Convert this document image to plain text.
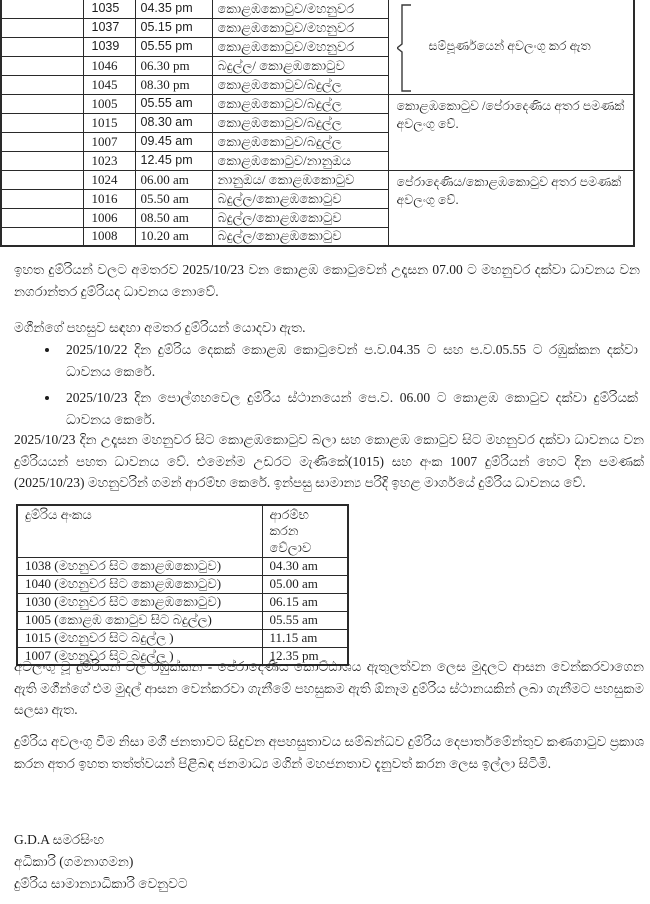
	1035	04.35 pm	කොළඹකොටුව/මහනුවර	සම්පූර්ණයෙන් අවලංගු කර ඇත
	1037	05.15 pm	කොළඹකොටුව/මහනුවර	
	1039	05.55 pm	කොළඹකොටුව/මහනුවර	
	1046	06.30 pm	බදුල්ල/ කොළඹකොටුව	
	1045	08.30 pm	කොළඹකොටුව/බදුල්ල	
	1005	05.55 am	කොළඹකොටුව/බදුල්ල	කොළඹකොටුව /පේරාදෙණිය අතර පමණක් අවලංගු වේ.
	1015	08.30 am	කොළඹකොටුව/බදුල්ල	
	1007	09.45 am	කොළඹකොටුව/බදුල්ල	
	1023	12.45 pm	කොළඹකොටුව/නානුඔය	
	1024	06.00 am	නානුඔය/ කොළඹකොටුව	පේරාදෙණිය/කොළඹකොටුව අතර පමණක් අවලංගු වේ.
	1016	05.50 am	බදුල්ල/කොළඹකොටුව	
	1006	08.50 am	බදුල්ල/කොළඹකොටුව	
	1008	10.20 am	බදුල්ල/කොළඹකොටුව	
ඉහත දුම්රියන් වලට අමතරව 2025/10/23 වන කොළඹ කොටුවෙන් උදෑසන 07.00 ට මහනුවර දක්වා ධාවනය වන නගරාන්තර දුම්රියද ධාවනය නොවේ.
මගීන්ගේ පහසුව සඳහා අමතර දුම්රියන් යොදවා ඇත.
• 2025/10/22 දින දුම්රිය දෙකක් කොළඹ කොටුවෙන් ප.ව.04.35 ට සහ ප.ව.05.55 ට රඹුක්කන දක්වා ධාවනය කෙරේ.
• 2025/10/23 දින පොල්ගහවෙල දුම්රිය ස්ථානයෙන් පෙ.ව. 06.00 ට කොළඹ කොටුව දක්වා දුම්රියක් ධාවනය කෙරේ.
2025/10/23 දින උදෑසන මහනුවර සිට කොළඹකොටුව බලා සහ කොළඹ කොටුව සිට මහනුවර දක්වා ධාවනය වන දුම්රියයන් පහත ධාවනය වේ. එමෙන්ම උඩරට මැණිකේ(1015) සහ අංක 1007 දුම්රියන් හෙට දින පමණක් (2025/10/23) මහනුවරින් ගමන් ආරම්භ කෙරේ. ඉන්පසු සාමාන්‍ය පරිදි ඉහළ මාර්ගයේ දුම්රිය ධාවනය වේ.
දුම්රිය අංකය	ආරම්භ කරන වේලාව
1038 (මහනුවර සිට කොළඹකොටුව)	04.30 am
1040 (මහනුවර සිට කොළඹකොටුව)	05.00 am
1030 (මහනුවර සිට කොළඹකොටුව)	06.15 am
1005 (කොළඹ කොටුව සිට බදුල්ල)	05.55 am
1015 (මහනුවර සිට බදුල්ල )	11.15 am
1007 (මහනුවර සිට බදුල්ල )	12.35 pm
අවලංගු වූ දුම්රියන් වල රඹුක්කන - පේරාදෙණිය කොට්ඨාශය ඇතුලත්වන ලෙස මුදලට ආසන වෙන්කරවාගෙන ඇති මගීන්ගේ එම මුදල් ආසන වෙන්කරවා ගැනීමේ පහසුකම ඇති ඕනෑම දුම්රිය ස්ථානයකින් ලබා ගැනීමට පහසුකම සලසා ඇත.
දුම්රිය අවලංගු වීම නිසා මගී ජනතාවට සිදුවන අපහසුතාවය සම්බන්ධව දුම්රිය දෙපාර්තමේන්තුව කණගාටුව ප්‍රකාශ කරන අතර ඉහත තත්ත්වයන් පිළිබඳ ජනමාධ්‍ය මගින් මහජනතාව දැනුවත් කරන ලෙස ඉල්ලා සිටිමි.
G.D.A සමරසිංහ
අධිකාරි (ගමනාගමන)
දුම්රිය සාමාන්‍යාධිකාරි වෙනුවට
